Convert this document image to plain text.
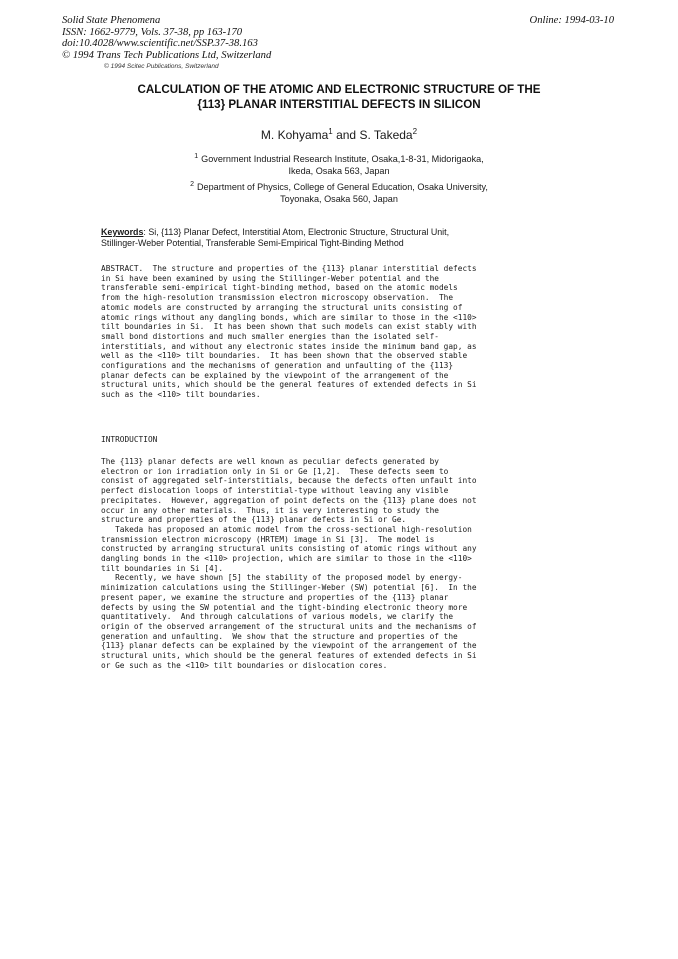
Solid State Phenomena
ISSN: 1662-9779, Vols. 37-38, pp 163-170
doi:10.4028/www.scientific.net/SSP.37-38.163
© 1994 Trans Tech Publications Ltd, Switzerland
Online: 1994-03-10
© 1994 Scitec Publications, Switzerland
CALCULATION OF THE ATOMIC AND ELECTRONIC STRUCTURE OF THE
{113} PLANAR INTERSTITIAL DEFECTS IN SILICON
M. Kohyama$^1$ and S. Takeda$^2$
$^1$ Government Industrial Research Institute, Osaka,1-8-31, Midorigaoka,
Ikeda, Osaka 563, Japan
$^2$ Department of Physics, College of General Education, Osaka University,
Toyonaka, Osaka 560, Japan
Keywords: Si, {113} Planar Defect, Interstitial Atom, Electronic Structure, Structural Unit,
Stillinger-Weber Potential, Transferable Semi-Empirical Tight-Binding Method
ABSTRACT.  The structure and properties of the {113} planar interstitial defects
in Si have been examined by using the Stillinger-Weber potential and the
transferable semi-empirical tight-binding method, based on the atomic models
from the high-resolution transmission electron microscopy observation.  The
atomic models are constructed by arranging the structural units consisting of
atomic rings without any dangling bonds, which are similar to those in the <110>
tilt boundaries in Si.  It has been shown that such models can exist stably with
small bond distortions and much smaller energies than the isolated self-
interstitials, and without any electronic states inside the minimum band gap, as
well as the <110> tilt boundaries.  It has been shown that the observed stable
configurations and the mechanisms of generation and unfaulting of the {113}
planar defects can be explained by the viewpoint of the arrangement of the
structural units, which should be the general features of extended defects in Si
such as the <110> tilt boundaries.
INTRODUCTION
The {113} planar defects are well known as peculiar defects generated by
electron or ion irradiation only in Si or Ge [1,2].  These defects seem to
consist of aggregated self-interstitials, because the defects often unfault into
perfect dislocation loops of interstitial-type without leaving any visible
precipitates.  However, aggregation of point defects on the {113} plane does not
occur in any other materials.  Thus, it is very interesting to study the
structure and properties of the {113} planar defects in Si or Ge.
Takeda has proposed an atomic model from the cross-sectional high-resolution
transmission electron microscopy (HRTEM) image in Si [3].  The model is
constructed by arranging structural units consisting of atomic rings without any
dangling bonds in the <110> projection, which are similar to those in the <110>
tilt boundaries in Si [4].
Recently, we have shown [5] the stability of the proposed model by energy-
minimization calculations using the Stillinger-Weber (SW) potential [6].  In the
present paper, we examine the structure and properties of the {113} planar
defects by using the SW potential and the tight-binding electronic theory more
quantitatively.  And through calculations of various models, we clarify the
origin of the observed arrangement of the structural units and the mechanisms of
generation and unfaulting.  We show that the structure and properties of the
{113} planar defects can be explained by the viewpoint of the arrangement of the
structural units, which should be the general features of extended defects in Si
or Ge such as the <110> tilt boundaries or dislocation cores.
